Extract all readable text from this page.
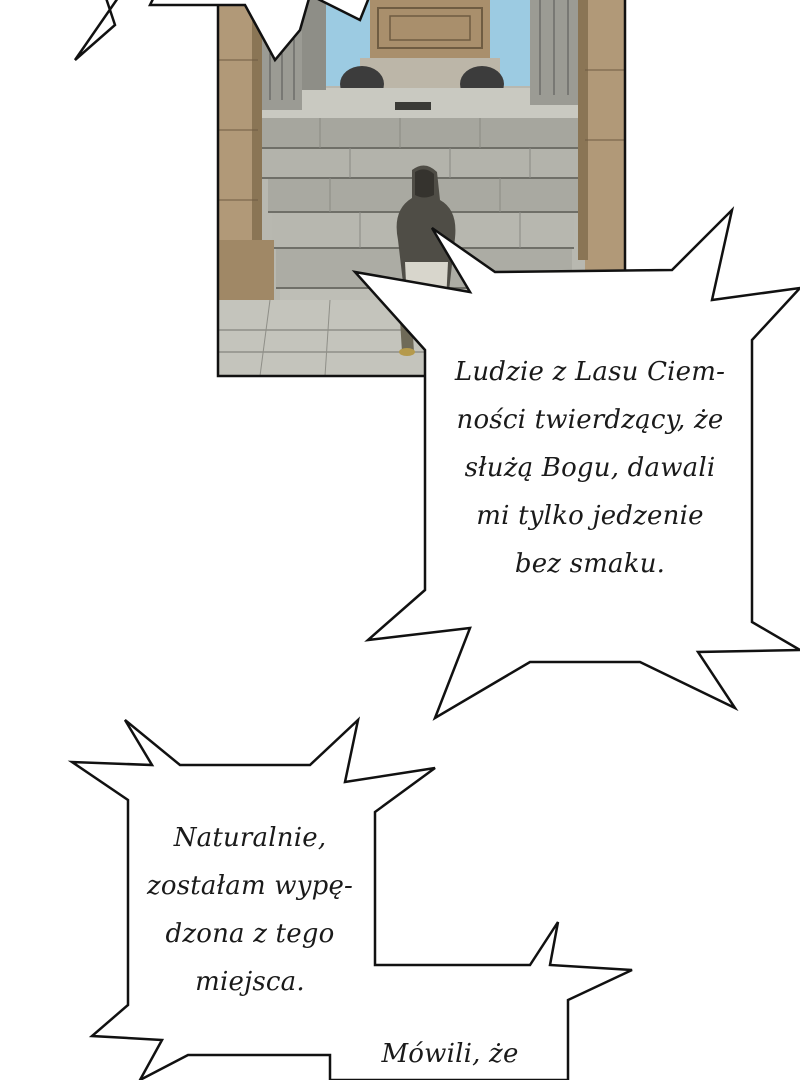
Ludzie z Lasu Ciem-
ności twierdzący, że
służą Bogu, dawali
mi tylko jedzenie
bez smaku.
Naturalnie,
zostałam wypę-
dzona z tego
miejsca.
Mówili, że
